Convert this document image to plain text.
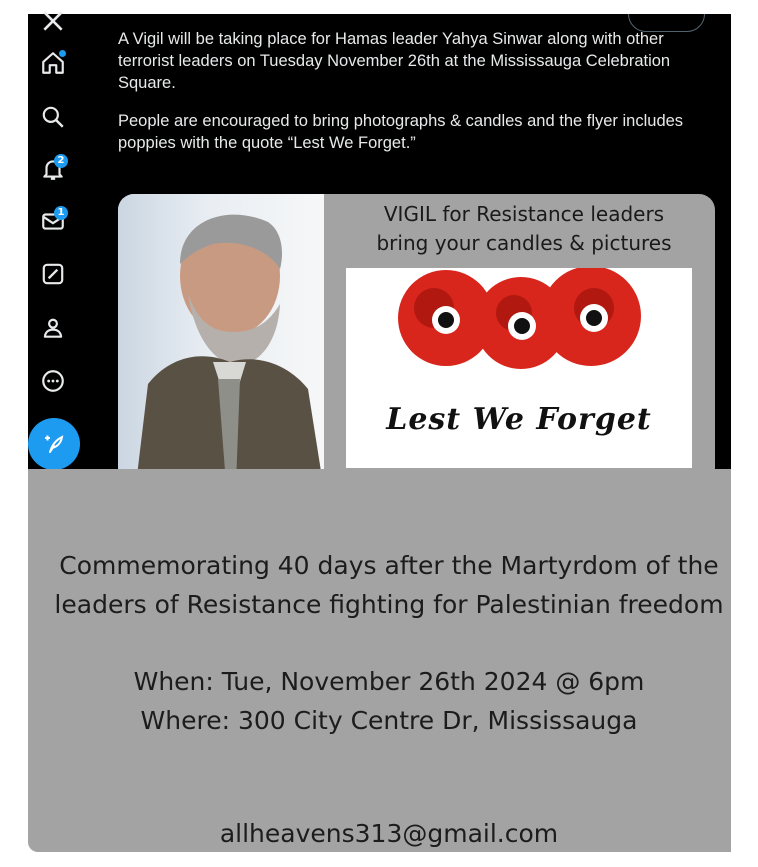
2
1

A Vigil will be taking place for Hamas leader Yahya Sinwar along with other terrorist leaders on Tuesday November 26th at the Mississauga Celebration Square.

People are encouraged to bring photographs & candles and the flyer includes poppies with the quote “Lest We Forget.”

VIGIL for Resistance leaders
bring your candles & pictures
Lest We Forget
Commemorating 40 days after the Martyrdom of the
leaders of Resistance fighting for Palestinian freedom
When: Tue, November 26th 2024 @ 6pm
Where: 300 City Centre Dr, Mississauga
allheavens313@gmail.com
